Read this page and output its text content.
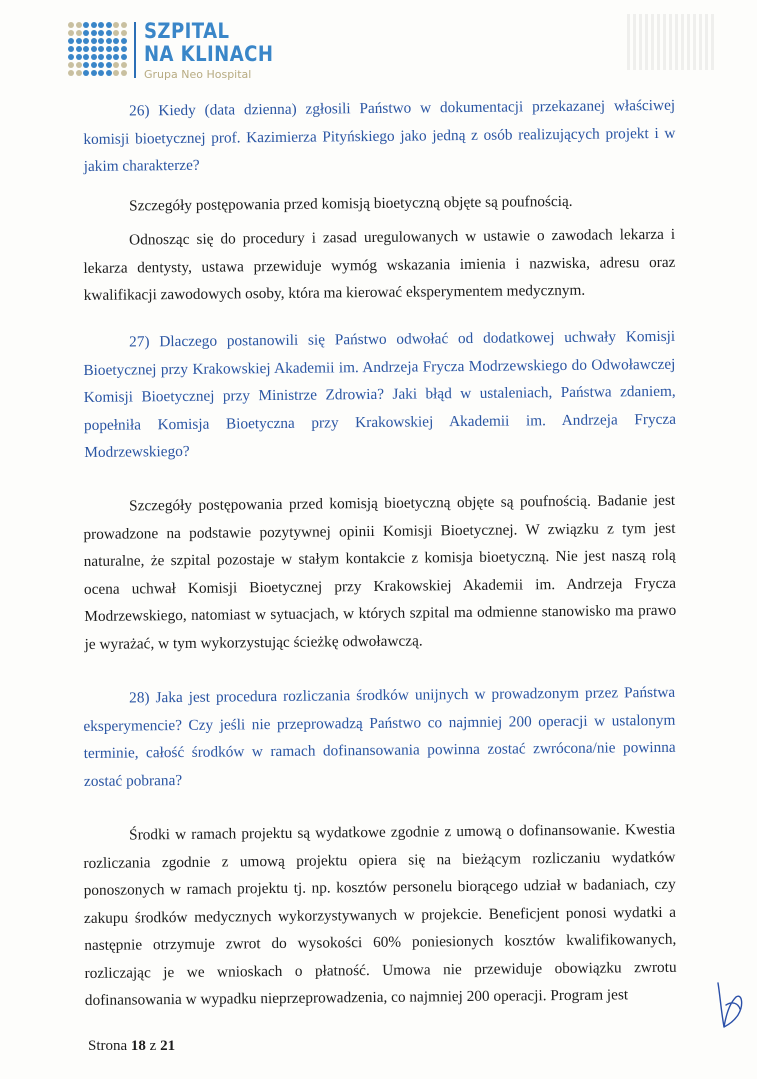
SZPITAL
NA KLINACH
Grupa Neo Hospital

26) Kiedy (data dzienna) zgłosili Państwo w dokumentacji przekazanej właściwej komisji bioetycznej prof. Kazimierza Pityńskiego jako jedną z osób realizujących projekt i w jakim charakterze?

Szczegóły postępowania przed komisją bioetyczną objęte są poufnością.

Odnosząc się do procedury i zasad uregulowanych w ustawie o zawodach lekarza i lekarza dentysty, ustawa przewiduje wymóg wskazania imienia i nazwiska, adresu oraz kwalifikacji zawodowych osoby, która ma kierować eksperymentem medycznym.

27) Dlaczego postanowili się Państwo odwołać od dodatkowej uchwały Komisji Bioetycznej przy Krakowskiej Akademii im. Andrzeja Frycza Modrzewskiego do Odwoławczej Komisji Bioetycznej przy Ministrze Zdrowia? Jaki błąd w ustaleniach, Państwa zdaniem, popełniła Komisja Bioetyczna przy Krakowskiej Akademii im. Andrzeja Frycza Modrzewskiego?

Szczegóły postępowania przed komisją bioetyczną objęte są poufnością. Badanie jest prowadzone na podstawie pozytywnej opinii Komisji Bioetycznej. W związku z tym jest naturalne, że szpital pozostaje w stałym kontakcie z komisja bioetyczną. Nie jest naszą rolą ocena uchwał Komisji Bioetycznej przy Krakowskiej Akademii im. Andrzeja Frycza Modrzewskiego, natomiast w sytuacjach, w których szpital ma odmienne stanowisko ma prawo je wyrażać, w tym wykorzystując ścieżkę odwoławczą.

28) Jaka jest procedura rozliczania środków unijnych w prowadzonym przez Państwa eksperymencie? Czy jeśli nie przeprowadzą Państwo co najmniej 200 operacji w ustalonym terminie, całość środków w ramach dofinansowania powinna zostać zwrócona/nie powinna zostać pobrana?

Środki w ramach projektu są wydatkowe zgodnie z umową o dofinansowanie. Kwestia rozliczania zgodnie z umową projektu opiera się na bieżącym rozliczaniu wydatków ponoszonych w ramach projektu tj. np. kosztów personelu biorącego udział w badaniach, czy zakupu środków medycznych wykorzystywanych w projekcie. Beneficjent ponosi wydatki a następnie otrzymuje zwrot do wysokości 60% poniesionych kosztów kwalifikowanych, rozliczając je we wnioskach o płatność. Umowa nie przewiduje obowiązku zwrotu dofinansowania w wypadku nieprzeprowadzenia, co najmniej 200 operacji. Program jest

Strona 18 z 21
